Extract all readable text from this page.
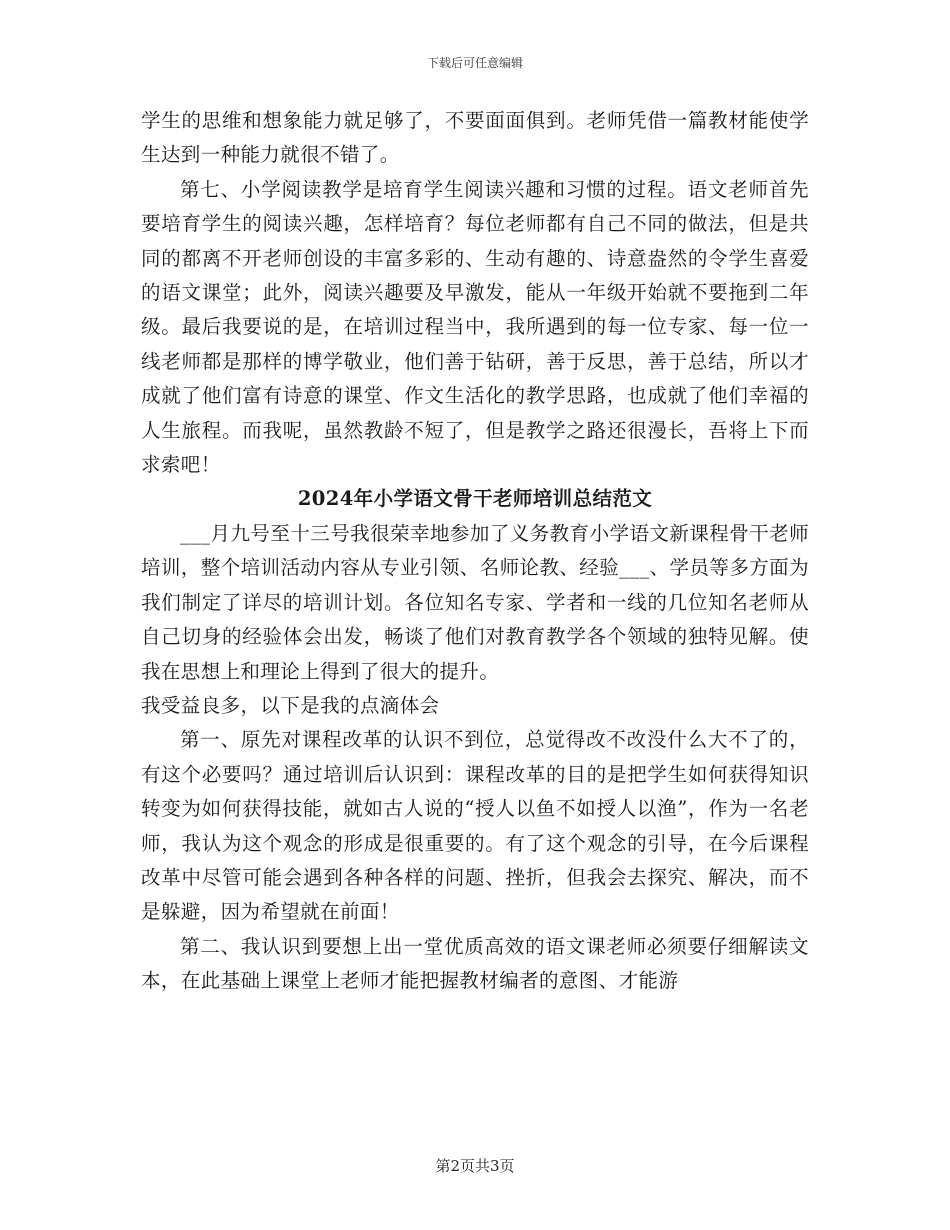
下载后可任意编辑

学生的思维和想象能力就足够了，不要面面俱到。老师凭借一篇教材能使学生达到一种能力就很不错了。

第七、小学阅读教学是培育学生阅读兴趣和习惯的过程。语文老师首先要培育学生的阅读兴趣，怎样培育？每位老师都有自己不同的做法，但是共同的都离不开老师创设的丰富多彩的、生动有趣的、诗意盎然的令学生喜爱的语文课堂；此外，阅读兴趣要及早激发，能从一年级开始就不要拖到二年级。最后我要说的是，在培训过程当中，我所遇到的每一位专家、每一位一线老师都是那样的博学敬业，他们善于钻研，善于反思，善于总结，所以才成就了他们富有诗意的课堂、作文生活化的教学思路，也成就了他们幸福的人生旅程。而我呢，虽然教龄不短了，但是教学之路还很漫长，吾将上下而求索吧！

2024年小学语文骨干老师培训总结范文

___月九号至十三号我很荣幸地参加了义务教育小学语文新课程骨干老师培训，整个培训活动内容从专业引领、名师论教、经验___、学员等多方面为我们制定了详尽的培训计划。各位知名专家、学者和一线的几位知名老师从自己切身的经验体会出发，畅谈了他们对教育教学各个领域的独特见解。使我在思想上和理论上得到了很大的提升。

我受益良多，以下是我的点滴体会

第一、原先对课程改革的认识不到位，总觉得改不改没什么大不了的，有这个必要吗？通过培训后认识到：课程改革的目的是把学生如何获得知识转变为如何获得技能，就如古人说的“授人以鱼不如授人以渔”，作为一名老师，我认为这个观念的形成是很重要的。有了这个观念的引导，在今后课程改革中尽管可能会遇到各种各样的问题、挫折，但我会去探究、解决，而不是躲避，因为希望就在前面！

第二、我认识到要想上出一堂优质高效的语文课老师必须要仔细解读文本，在此基础上课堂上老师才能把握教材编者的意图、才能游

第2页共3页
